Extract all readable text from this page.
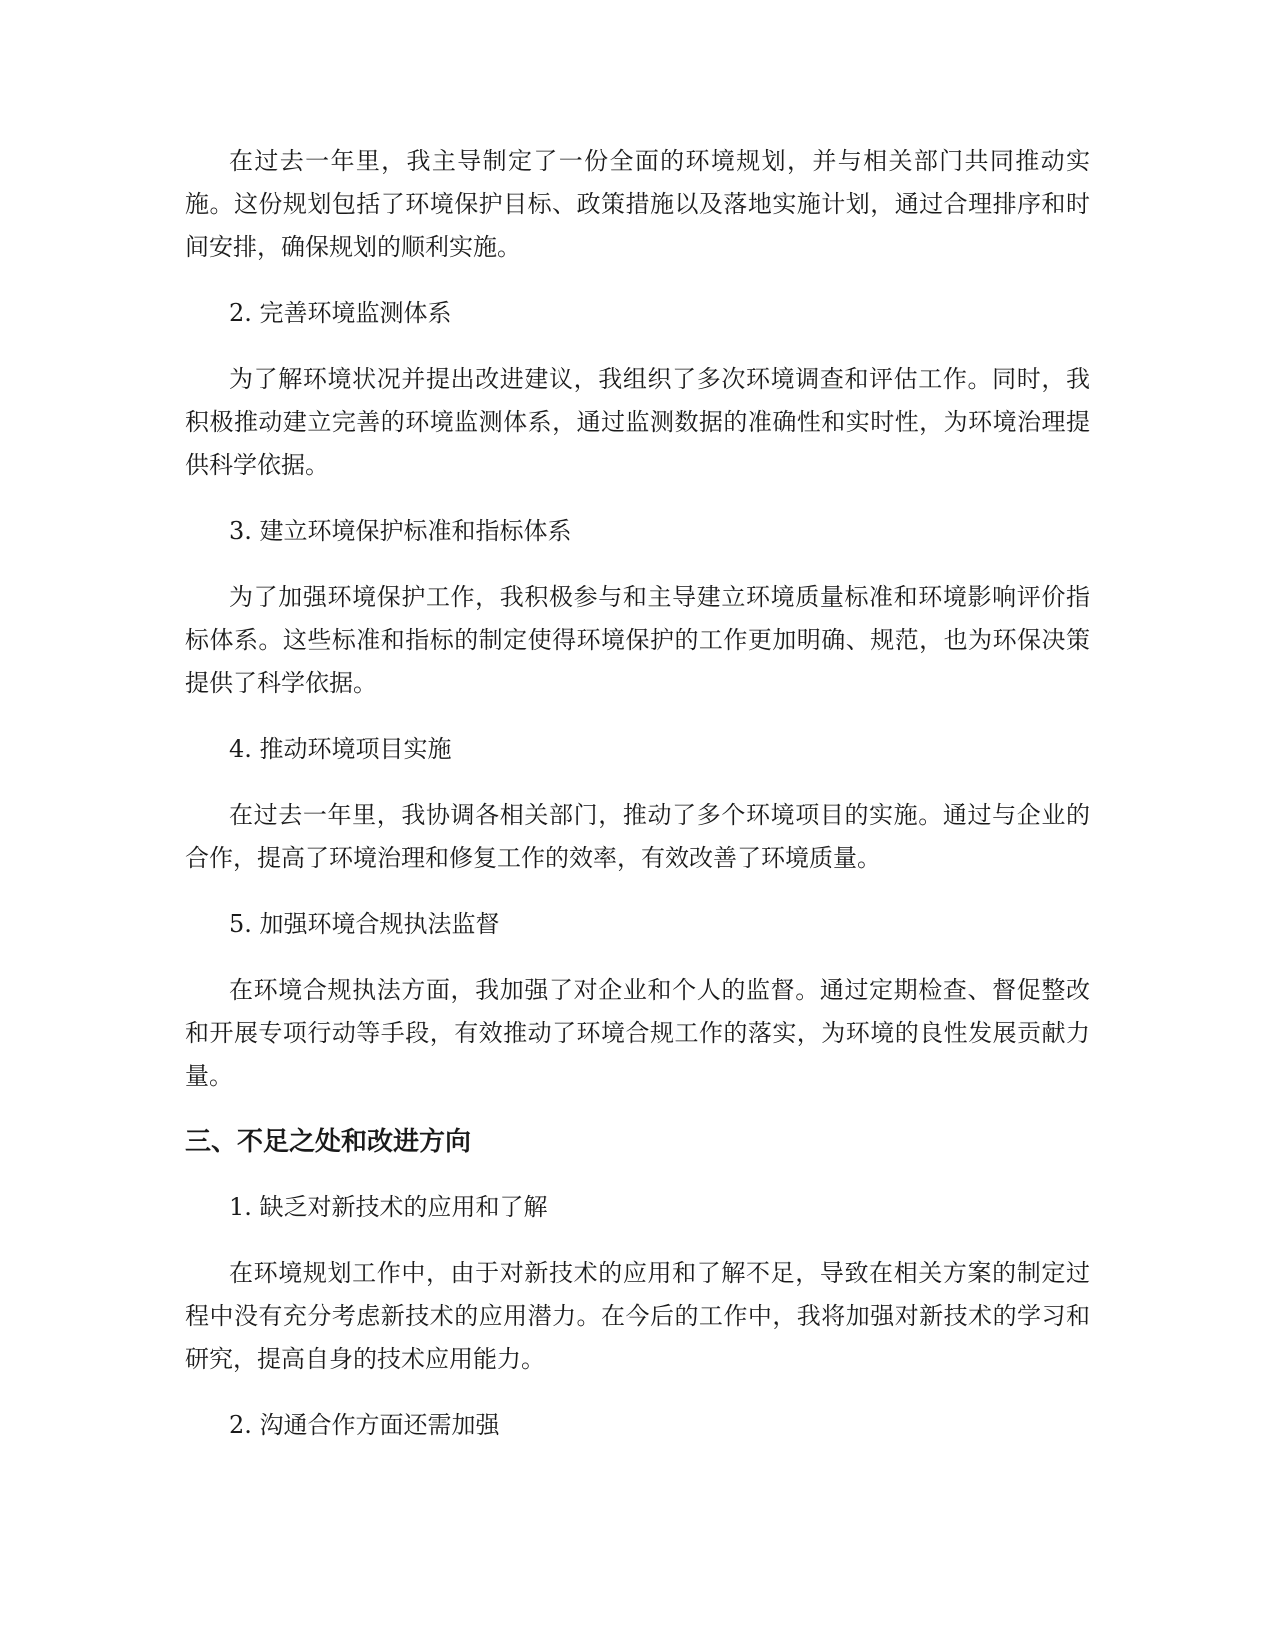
在过去一年里，我主导制定了一份全面的环境规划，并与相关部门共同推动实施。这份规划包括了环境保护目标、政策措施以及落地实施计划，通过合理排序和时间安排，确保规划的顺利实施。

2. 完善环境监测体系

为了解环境状况并提出改进建议，我组织了多次环境调查和评估工作。同时，我积极推动建立完善的环境监测体系，通过监测数据的准确性和实时性，为环境治理提供科学依据。

3. 建立环境保护标准和指标体系

为了加强环境保护工作，我积极参与和主导建立环境质量标准和环境影响评价指标体系。这些标准和指标的制定使得环境保护的工作更加明确、规范，也为环保决策提供了科学依据。

4. 推动环境项目实施

在过去一年里，我协调各相关部门，推动了多个环境项目的实施。通过与企业的合作，提高了环境治理和修复工作的效率，有效改善了环境质量。

5. 加强环境合规执法监督

在环境合规执法方面，我加强了对企业和个人的监督。通过定期检查、督促整改和开展专项行动等手段，有效推动了环境合规工作的落实，为环境的良性发展贡献力量。

三、不足之处和改进方向

1. 缺乏对新技术的应用和了解

在环境规划工作中，由于对新技术的应用和了解不足，导致在相关方案的制定过程中没有充分考虑新技术的应用潜力。在今后的工作中，我将加强对新技术的学习和研究，提高自身的技术应用能力。

2. 沟通合作方面还需加强
